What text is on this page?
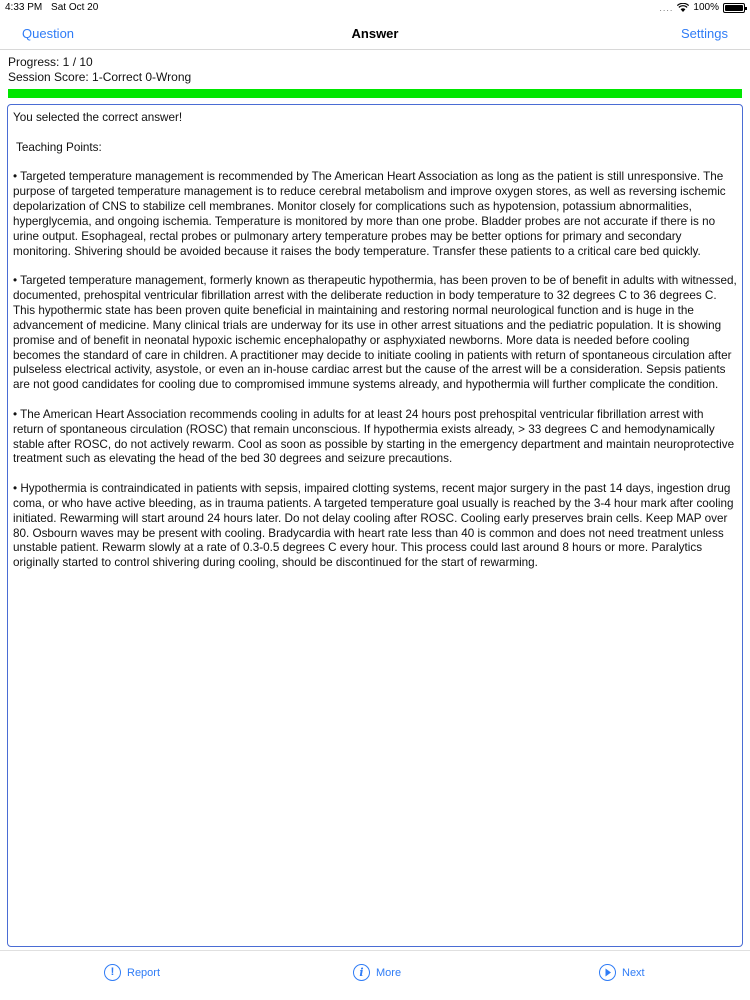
4:33 PM Sat Oct 20	.... 100%
Question	Answer	Settings
Progress: 1 / 10
Session Score: 1-Correct 0-Wrong

You selected the correct answer!

Teaching Points:

• Targeted temperature management is recommended by The American Heart Association as long as the patient is still unresponsive. The purpose of targeted temperature management is to reduce cerebral metabolism and improve oxygen stores, as well as reversing ischemic depolarization of CNS to stabilize cell membranes. Monitor closely for complications such as hypotension, potassium abnormalities, hyperglycemia, and ongoing ischemia. Temperature is monitored by more than one probe. Bladder probes are not accurate if there is no urine output. Esophageal, rectal probes or pulmonary artery temperature probes may be better options for primary and secondary monitoring. Shivering should be avoided because it raises the body temperature. Transfer these patients to a critical care bed quickly.

• Targeted temperature management, formerly known as therapeutic hypothermia, has been proven to be of benefit in adults with witnessed, documented, prehospital ventricular fibrillation arrest with the deliberate reduction in body temperature to 32 degrees C to 36 degrees C. This hypothermic state has been proven quite beneficial in maintaining and restoring normal neurological function and is huge in the advancement of medicine. Many clinical trials are underway for its use in other arrest situations and the pediatric population. It is showing promise and of benefit in neonatal hypoxic ischemic encephalopathy or asphyxiated newborns. More data is needed before cooling becomes the standard of care in children. A practitioner may decide to initiate cooling in patients with return of spontaneous circulation after pulseless electrical activity, asystole, or even an in-house cardiac arrest but the cause of the arrest will be a consideration. Sepsis patients are not good candidates for cooling due to compromised immune systems already, and hypothermia will further complicate the condition.

• The American Heart Association recommends cooling in adults for at least 24 hours post prehospital ventricular fibrillation arrest with return of spontaneous circulation (ROSC) that remain unconscious. If hypothermia exists already, > 33 degrees C and hemodynamically stable after ROSC, do not actively rewarm. Cool as soon as possible by starting in the emergency department and maintain neuroprotective treatment such as elevating the head of the bed 30 degrees and seizure precautions.

• Hypothermia is contraindicated in patients with sepsis, impaired clotting systems, recent major surgery in the past 14 days, ingestion drug coma, or who have active bleeding, as in trauma patients. A targeted temperature goal usually is reached by the 3-4 hour mark after cooling initiated. Rewarming will start around 24 hours later. Do not delay cooling after ROSC. Cooling early preserves brain cells. Keep MAP over 80. Osbourn waves may be present with cooling. Bradycardia with heart rate less than 40 is common and does not need treatment unless unstable patient. Rewarm slowly at a rate of 0.3-0.5 degrees C every hour. This process could last around 8 hours or more. Paralytics originally started to control shivering during cooling, should be discontinued for the start of rewarming.

!	Report	i	More	Next
